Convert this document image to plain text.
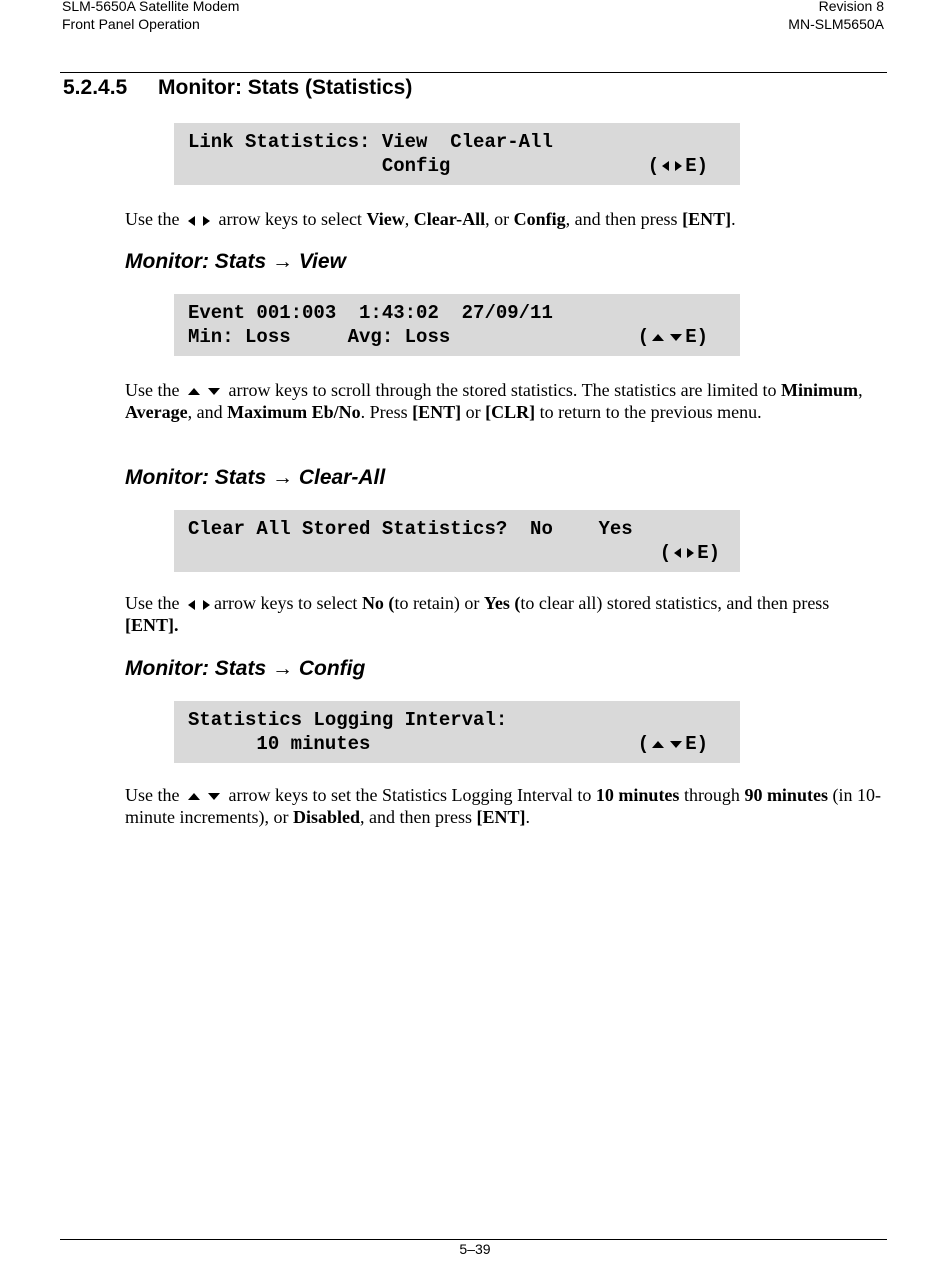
SLM-5650A Satellite Modem
Front Panel Operation
Revision 8
MN-SLM5650A
5.2.4.5 Monitor: Stats (Statistics)
Link Statistics: View  Clear-All
Config	( E)
Use the  arrow keys to select View, Clear-All, or Config, and then press [ENT].
Monitor: Stats → View
Event 001:003  1:43:02  27/09/11
Min: Loss     Avg: Loss	( E)
Use the  arrow keys to scroll through the stored statistics. The statistics are limited to Minimum, Average, and Maximum Eb/No. Press [ENT] or [CLR] to return to the previous menu.
Monitor: Stats → Clear-All
Clear All Stored Statistics?  No    Yes
( E)
Use the arrow keys to select No (to retain) or Yes (to clear all) stored statistics, and then press [ENT].
Monitor: Stats → Config
Statistics Logging Interval:
10 minutes	( E)
Use the  arrow keys to set the Statistics Logging Interval to 10 minutes through 90 minutes (in 10-minute increments), or Disabled, and then press [ENT].
5–39
